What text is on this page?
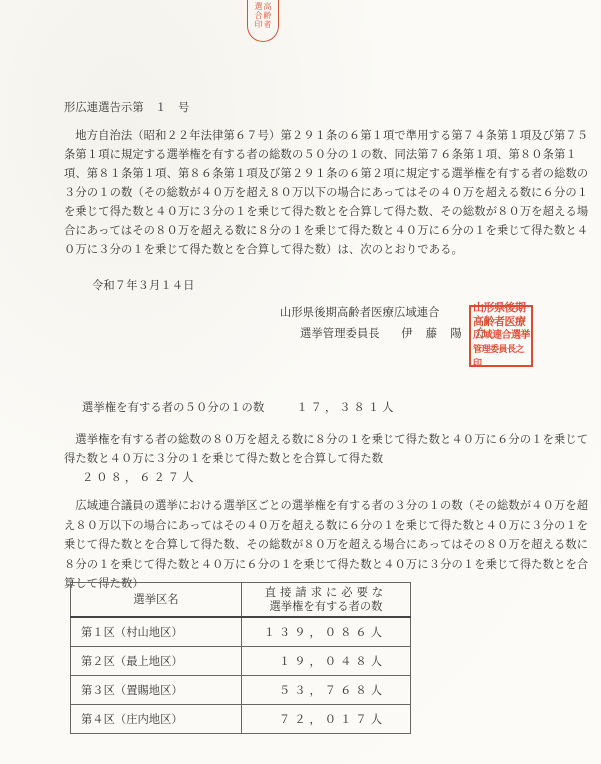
高
齢
者
選
合
印
形広連選告示第　１　号
地方自治法（昭和２２年法律第６７号）第２９１条の６第１項で準用する第７４条第１項及び第７５条第１項に規定する選挙権を有する者の総数の５０分の１の数、同法第７６条第１項、第８０条第１項、第８１条第１項、第８６条第１項及び第２９１条の６第２項に規定する選挙権を有する者の総数の３分の１の数（その総数が４０万を超え８０万以下の場合にあってはその４０万を超える数に６分の１を乗じて得た数と４０万に３分の１を乗じて得た数とを合算して得た数、その総数が８０万を超える場合にあってはその８０万を超える数に８分の１を乗じて得た数と４０万に６分の１を乗じて得た数と４０万に３分の１を乗じて得た数とを合算して得た数）は、次のとおりである。
令和７年３月１４日
山形県後期高齢者医療広域連合
選挙管理委員長 伊　藤　陽　介
山形県後期
高齢者医療
広域連合選挙
管理委員長之印
選挙権を有する者の５０分の１の数	１７，３８１人
選挙権を有する者の総数の８０万を超える数に８分の１を乗じて得た数と４０万に６分の１を乗じて得た数と４０万に３分の１を乗じて得た数とを合算して得た数
２０８，６２７人
広域連合議員の選挙における選挙区ごとの選挙権を有する者の３分の１の数（その総数が４０万を超え８０万以下の場合にあってはその４０万を超える数に６分の１を乗じて得た数と４０万に３分の１を乗じて得た数とを合算して得た数、その総数が８０万を超える場合にあってはその８０万を超える数に８分の１を乗じて得た数と４０万に６分の１を乗じて得た数と４０万に３分の１を乗じて得た数とを合算して得た数）
選挙区名	直接請求に必要な
選挙権を有する者の数

第１区（村山地区）	１３９，０８６人
第２区（最上地区）	１９，０４８人
第３区（置賜地区）	５３，７６８人
第４区（庄内地区）	７２，０１７人
